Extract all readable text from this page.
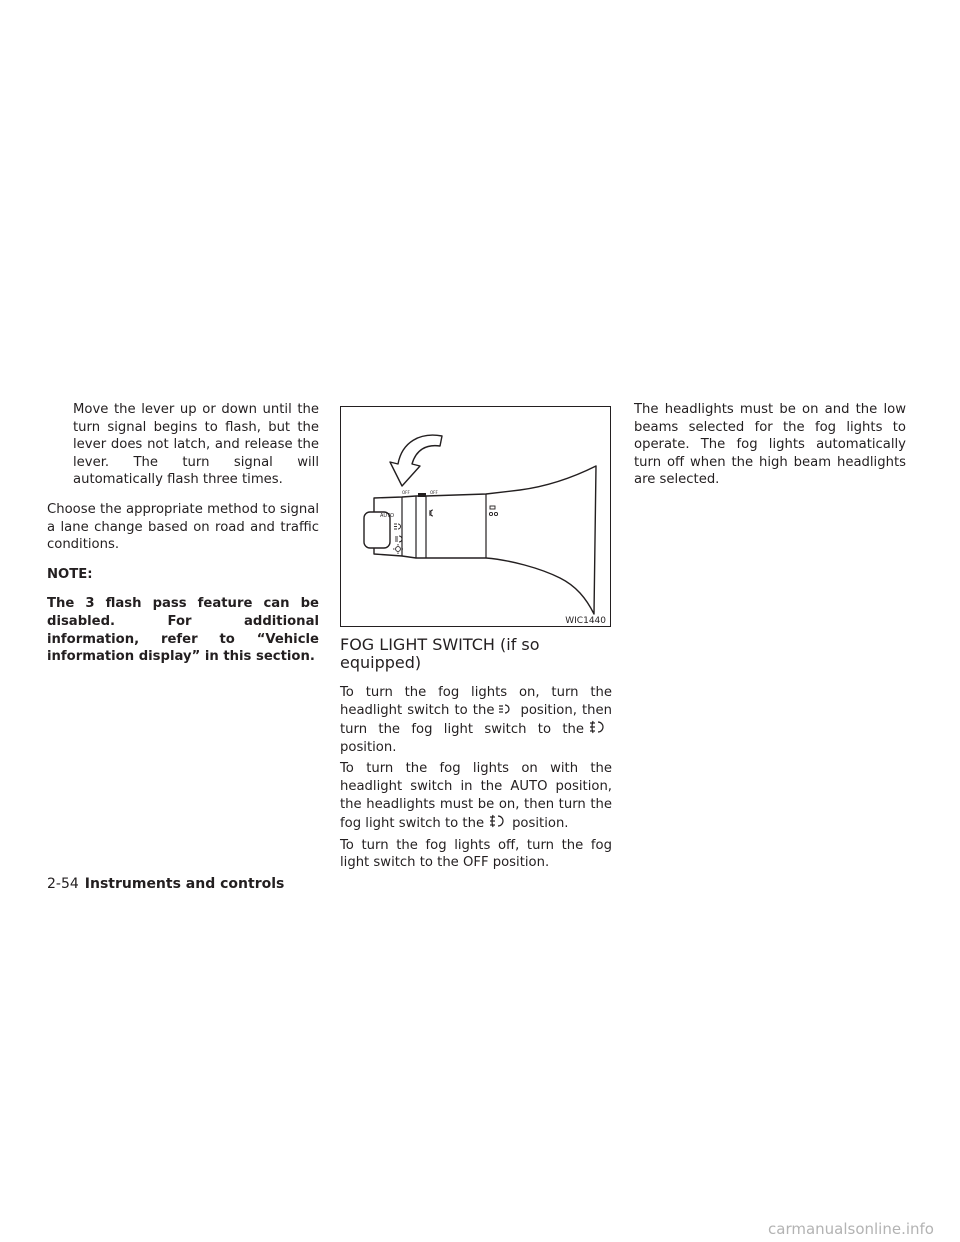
Move the lever up or down until the turn signal begins to flash, but the lever does not latch, and release the lever. The turn signal will automatically flash three times.

Choose the appropriate method to signal a lane change based on road and traffic conditions.

NOTE:

The 3 flash pass feature can be disabled. For additional information, refer to “Vehicle information display” in this section.

OFF	OFF
AUTO
WIC1440
FOG LIGHT SWITCH (if so equipped)

To turn the fog lights on, turn the headlight switch to the position, then turn the fog light switch to theposition.

To turn the fog lights on with the headlight switch in the AUTO position, the headlights must be on, then turn the fog light switch to the position.

To turn the fog lights off, turn the fog light switch to the OFF position.

The headlights must be on and the low beams selected for the fog lights to operate. The fog lights automatically turn off when the high beam headlights are selected.

2-54 Instruments and controls
carmanualsonline.info
